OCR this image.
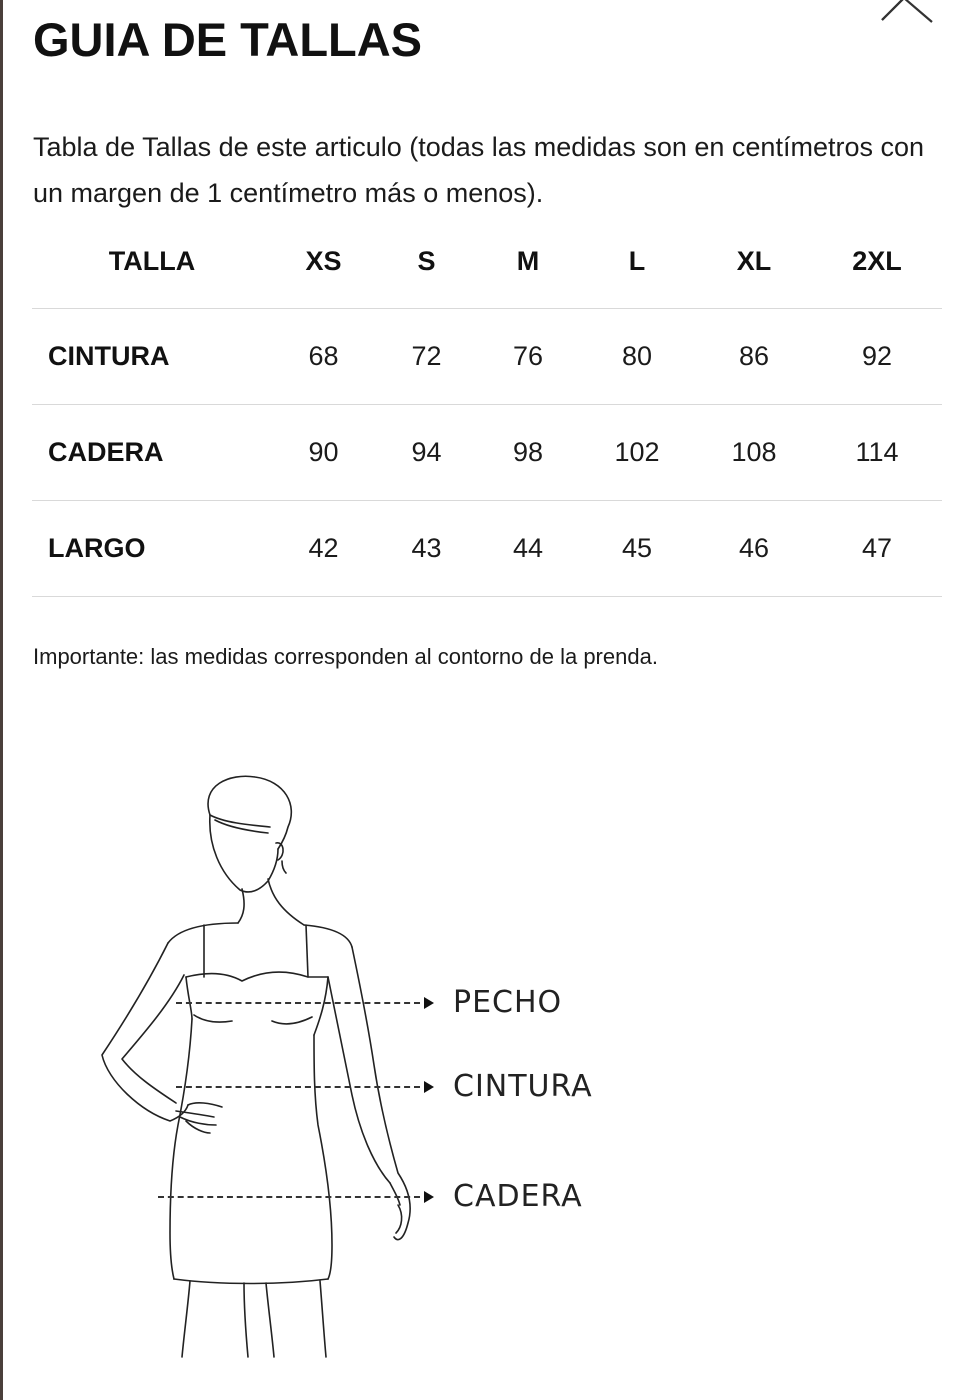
GUIA DE TALLAS

Tabla de Tallas de este articulo (todas las medidas son en centímetros con un margen de 1 centímetro más o menos).

TALLA	XS	S	M	L	XL	2XL
CINTURA	68	72	76	80	86	92
CADERA	90	94	98	102	108	114
LARGO	42	43	44	45	46	47

Importante: las medidas corresponden al contorno de la prenda.

PECHO
CINTURA
CADERA
